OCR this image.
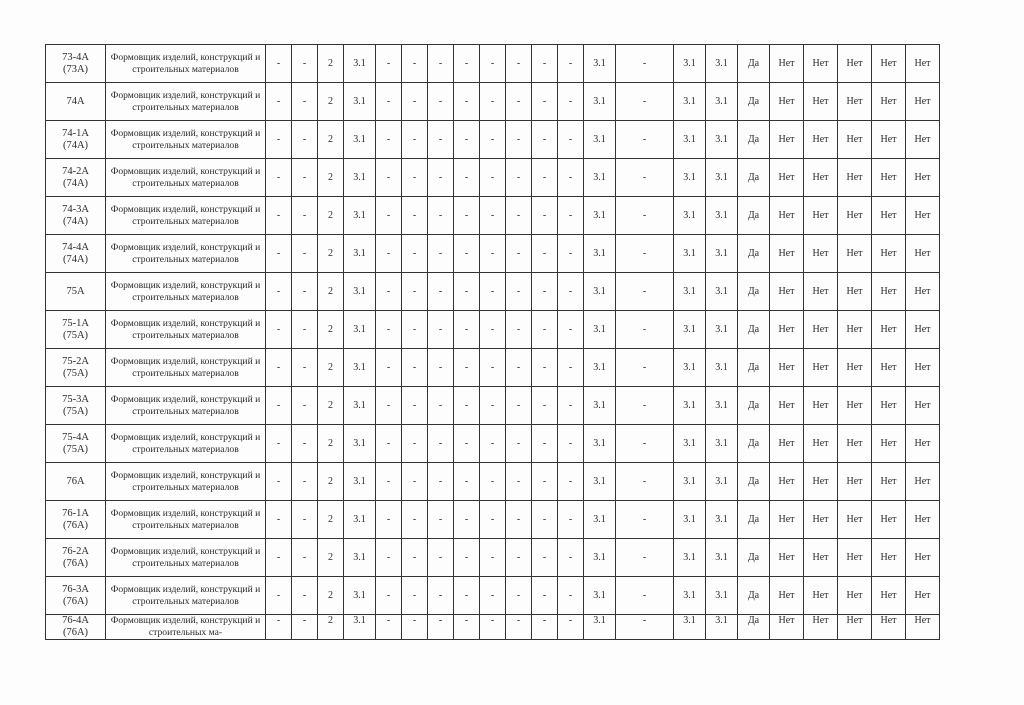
73-4А
(73А)	Формовщик изделий, конструкций и строительных материалов	-	-	2	3.1	-	-	-	-	-	-	-	-	3.1	-	3.1	3.1	Да	Нет	Нет	Нет	Нет	Нет

74А	Формовщик изделий, конструкций и строительных материалов	-	-	2	3.1	-	-	-	-	-	-	-	-	3.1	-	3.1	3.1	Да	Нет	Нет	Нет	Нет	Нет

74-1А
(74А)	Формовщик изделий, конструкций и строительных материалов	-	-	2	3.1	-	-	-	-	-	-	-	-	3.1	-	3.1	3.1	Да	Нет	Нет	Нет	Нет	Нет

74-2А
(74А)	Формовщик изделий, конструкций и строительных материалов	-	-	2	3.1	-	-	-	-	-	-	-	-	3.1	-	3.1	3.1	Да	Нет	Нет	Нет	Нет	Нет

74-3А
(74А)	Формовщик изделий, конструкций и строительных материалов	-	-	2	3.1	-	-	-	-	-	-	-	-	3.1	-	3.1	3.1	Да	Нет	Нет	Нет	Нет	Нет

74-4А
(74А)	Формовщик изделий, конструкций и строительных материалов	-	-	2	3.1	-	-	-	-	-	-	-	-	3.1	-	3.1	3.1	Да	Нет	Нет	Нет	Нет	Нет

75А	Формовщик изделий, конструкций и строительных материалов	-	-	2	3.1	-	-	-	-	-	-	-	-	3.1	-	3.1	3.1	Да	Нет	Нет	Нет	Нет	Нет

75-1А
(75А)	Формовщик изделий, конструкций и строительных материалов	-	-	2	3.1	-	-	-	-	-	-	-	-	3.1	-	3.1	3.1	Да	Нет	Нет	Нет	Нет	Нет

75-2А
(75А)	Формовщик изделий, конструкций и строительных материалов	-	-	2	3.1	-	-	-	-	-	-	-	-	3.1	-	3.1	3.1	Да	Нет	Нет	Нет	Нет	Нет

75-3А
(75А)	Формовщик изделий, конструкций и строительных материалов	-	-	2	3.1	-	-	-	-	-	-	-	-	3.1	-	3.1	3.1	Да	Нет	Нет	Нет	Нет	Нет

75-4А
(75А)	Формовщик изделий, конструкций и строительных материалов	-	-	2	3.1	-	-	-	-	-	-	-	-	3.1	-	3.1	3.1	Да	Нет	Нет	Нет	Нет	Нет

76А	Формовщик изделий, конструкций и строительных материалов	-	-	2	3.1	-	-	-	-	-	-	-	-	3.1	-	3.1	3.1	Да	Нет	Нет	Нет	Нет	Нет

76-1А
(76А)	Формовщик изделий, конструкций и строительных материалов	-	-	2	3.1	-	-	-	-	-	-	-	-	3.1	-	3.1	3.1	Да	Нет	Нет	Нет	Нет	Нет

76-2А
(76А)	Формовщик изделий, конструкций и строительных материалов	-	-	2	3.1	-	-	-	-	-	-	-	-	3.1	-	3.1	3.1	Да	Нет	Нет	Нет	Нет	Нет

76-3А
(76А)	Формовщик изделий, конструкций и строительных материалов	-	-	2	3.1	-	-	-	-	-	-	-	-	3.1	-	3.1	3.1	Да	Нет	Нет	Нет	Нет	Нет

76-4А
(76А)	Формовщик изделий, конструкций и строительных ма-	-	-	2	3.1	-	-	-	-	-	-	-	-	3.1	-	3.1	3.1	Да	Нет	Нет	Нет	Нет	Нет
